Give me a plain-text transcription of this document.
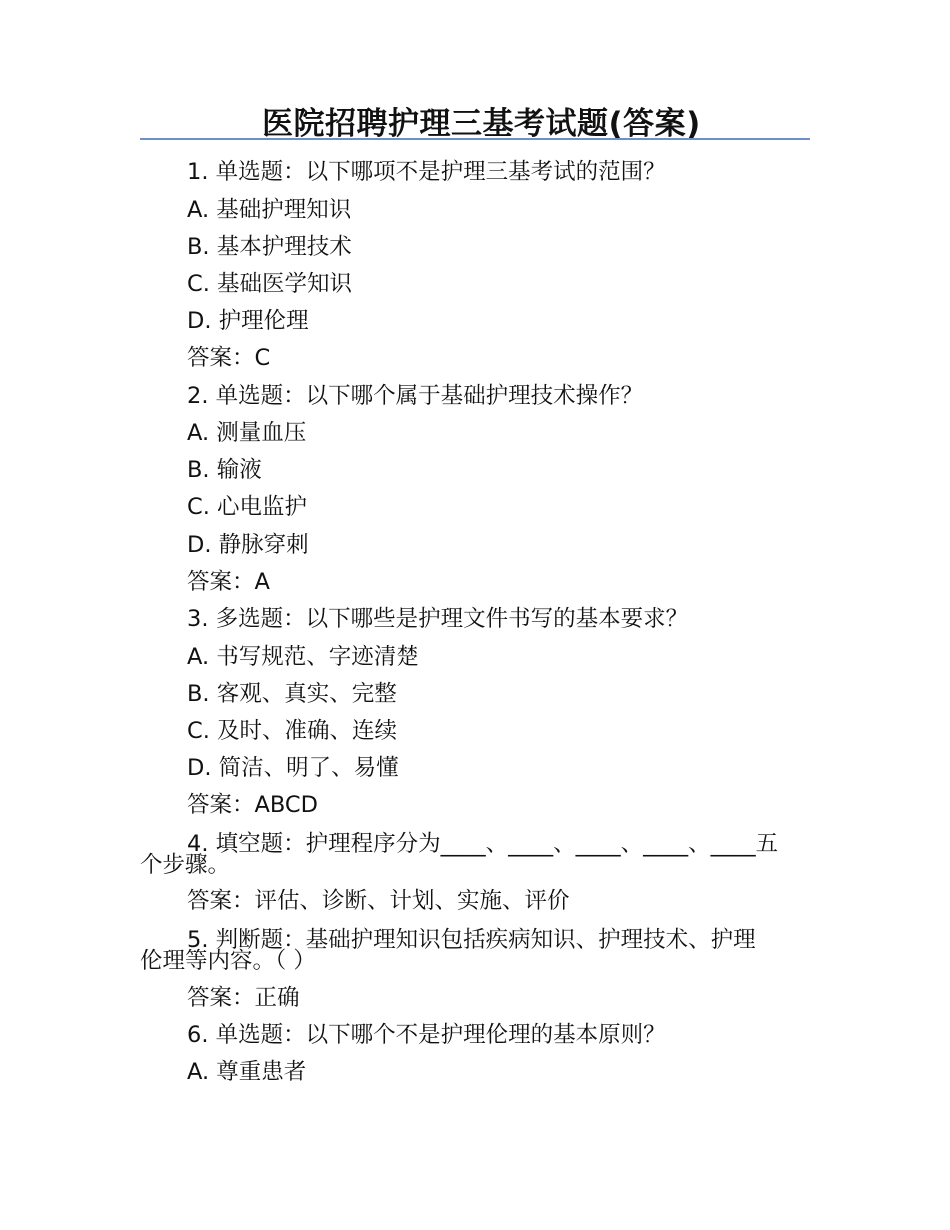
医院招聘护理三基考试题(答案)
1. 单选题：以下哪项不是护理三基考试的范围？
A. 基础护理知识
B. 基本护理技术
C. 基础医学知识
D. 护理伦理
答案：C
2. 单选题：以下哪个属于基础护理技术操作？
A. 测量血压
B. 输液
C. 心电监护
D. 静脉穿刺
答案：A
3. 多选题：以下哪些是护理文件书写的基本要求？
A. 书写规范、字迹清楚
B. 客观、真实、完整
C. 及时、准确、连续
D. 简洁、明了、易懂
答案：ABCD
4. 填空题：护理程序分为____、____、____、____、____五
个步骤。
答案：评估、诊断、计划、实施、评价
5. 判断题：基础护理知识包括疾病知识、护理技术、护理
伦理等内容。（ ）
答案：正确
6. 单选题：以下哪个不是护理伦理的基本原则？
A. 尊重患者
